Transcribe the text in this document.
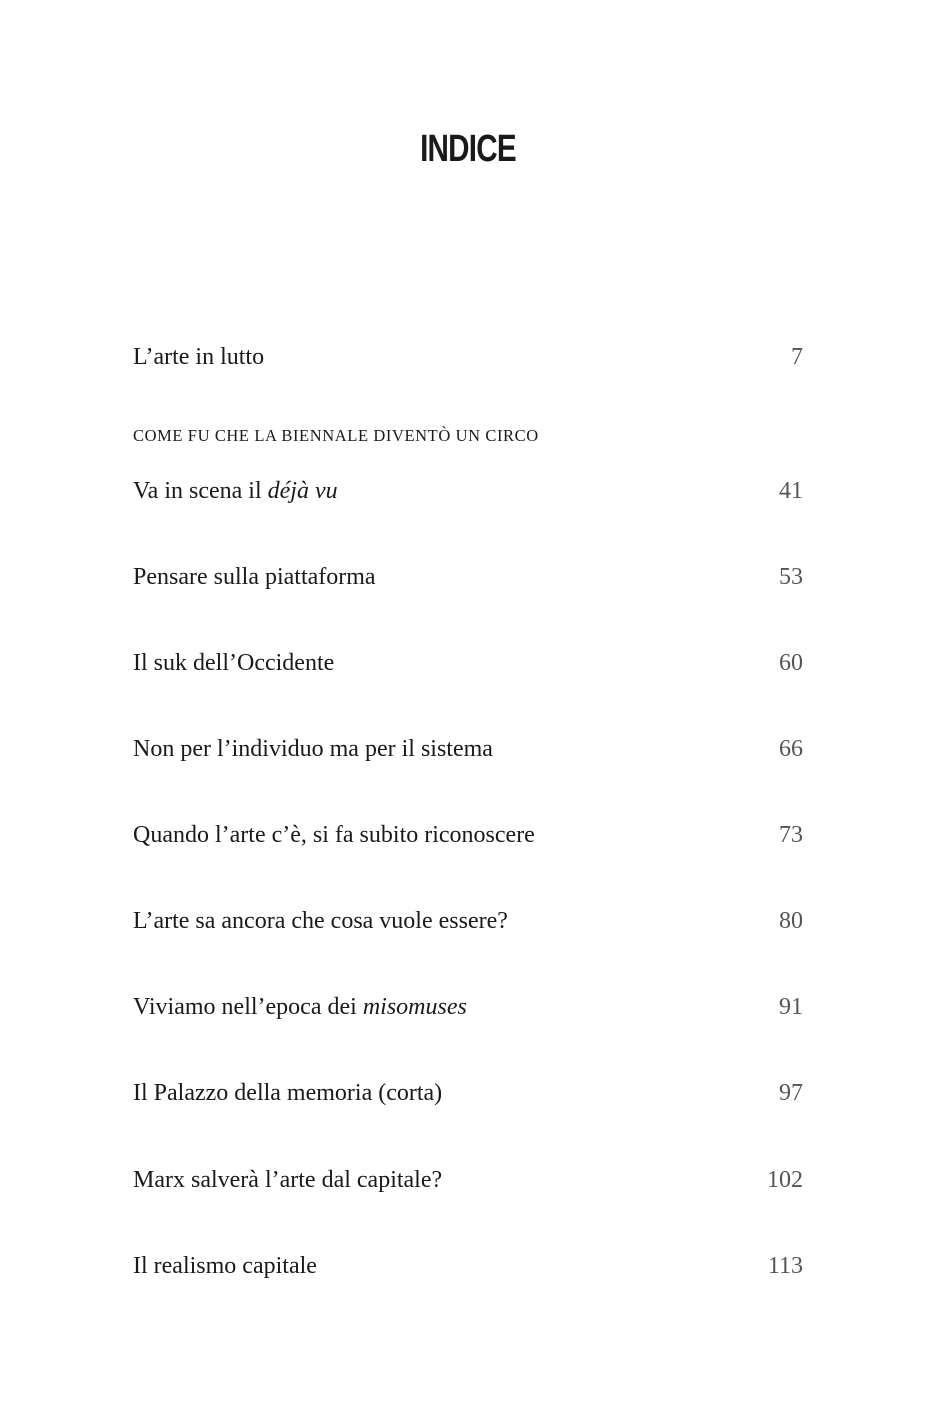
INDICE
L’arte in lutto	7
COME FU CHE LA BIENNALE DIVENTÒ UN CIRCO
Va in scena il déjà vu	41
Pensare sulla piattaforma	53
Il suk dell’Occidente	60
Non per l’individuo ma per il sistema	66
Quando l’arte c’è, si fa subito riconoscere	73
L’arte sa ancora che cosa vuole essere?	80
Viviamo nell’epoca dei misomuses	91
Il Palazzo della memoria (corta)	97
Marx salverà l’arte dal capitale?	102
Il realismo capitale	113
